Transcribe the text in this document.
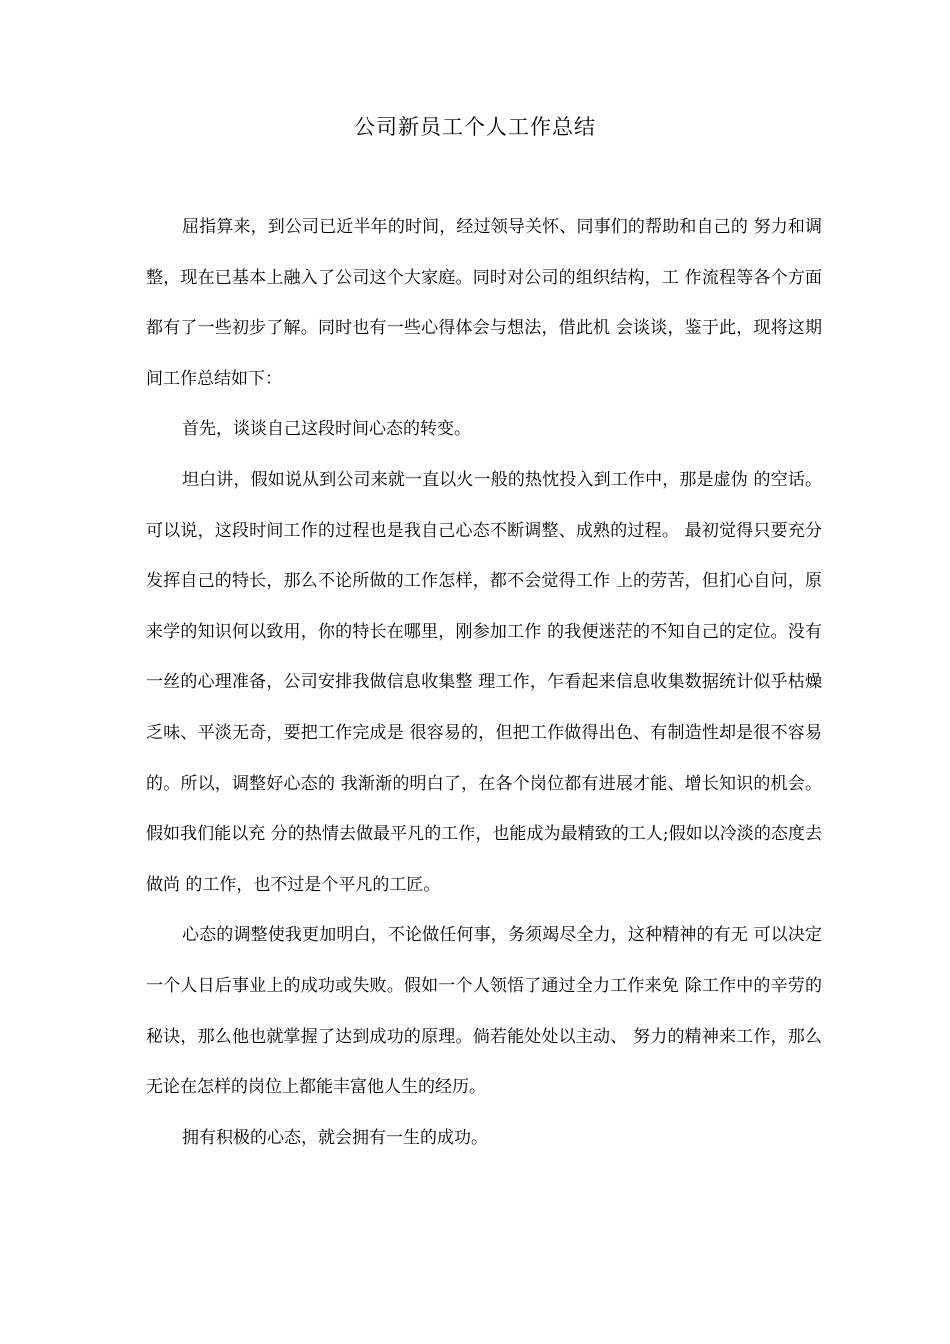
公司新员工个人工作总结

屈指算来，到公司已近半年的时间，经过领导关怀、同事们的帮助和自己的 努力和调整，现在已基本上融入了公司这个大家庭。同时对公司的组织结构，工 作流程等各个方面都有了一些初步了解。同时也有一些心得体会与想法，借此机 会谈谈，鉴于此，现将这期间工作总结如下：

首先，谈谈自己这段时间心态的转变。

坦白讲，假如说从到公司来就一直以火一般的热忱投入到工作中，那是虚伪 的空话。可以说，这段时间工作的过程也是我自己心态不断调整、成熟的过程。 最初觉得只要充分发挥自己的特长，那么不论所做的工作怎样，都不会觉得工作 上的劳苦，但扪心自问，原来学的知识何以致用，你的特长在哪里，刚参加工作 的我便迷茫的不知自己的定位。没有一丝的心理准备，公司安排我做信息收集整 理工作，乍看起来信息收集数据统计似乎枯燥乏味、平淡无奇，要把工作完成是 很容易的，但把工作做得出色、有制造性却是很不容易的。所以，调整好心态的 我渐渐的明白了，在各个岗位都有进展才能、增长知识的机会。假如我们能以充 分的热情去做最平凡的工作，也能成为最精致的工人;假如以冷淡的态度去做尚 的工作，也不过是个平凡的工匠。

心态的调整使我更加明白，不论做任何事，务须竭尽全力，这种精神的有无 可以决定一个人日后事业上的成功或失败。假如一个人领悟了通过全力工作来免 除工作中的辛劳的秘诀，那么他也就掌握了达到成功的原理。倘若能处处以主动、 努力的精神来工作，那么无论在怎样的岗位上都能丰富他人生的经历。

拥有积极的心态，就会拥有一生的成功。
